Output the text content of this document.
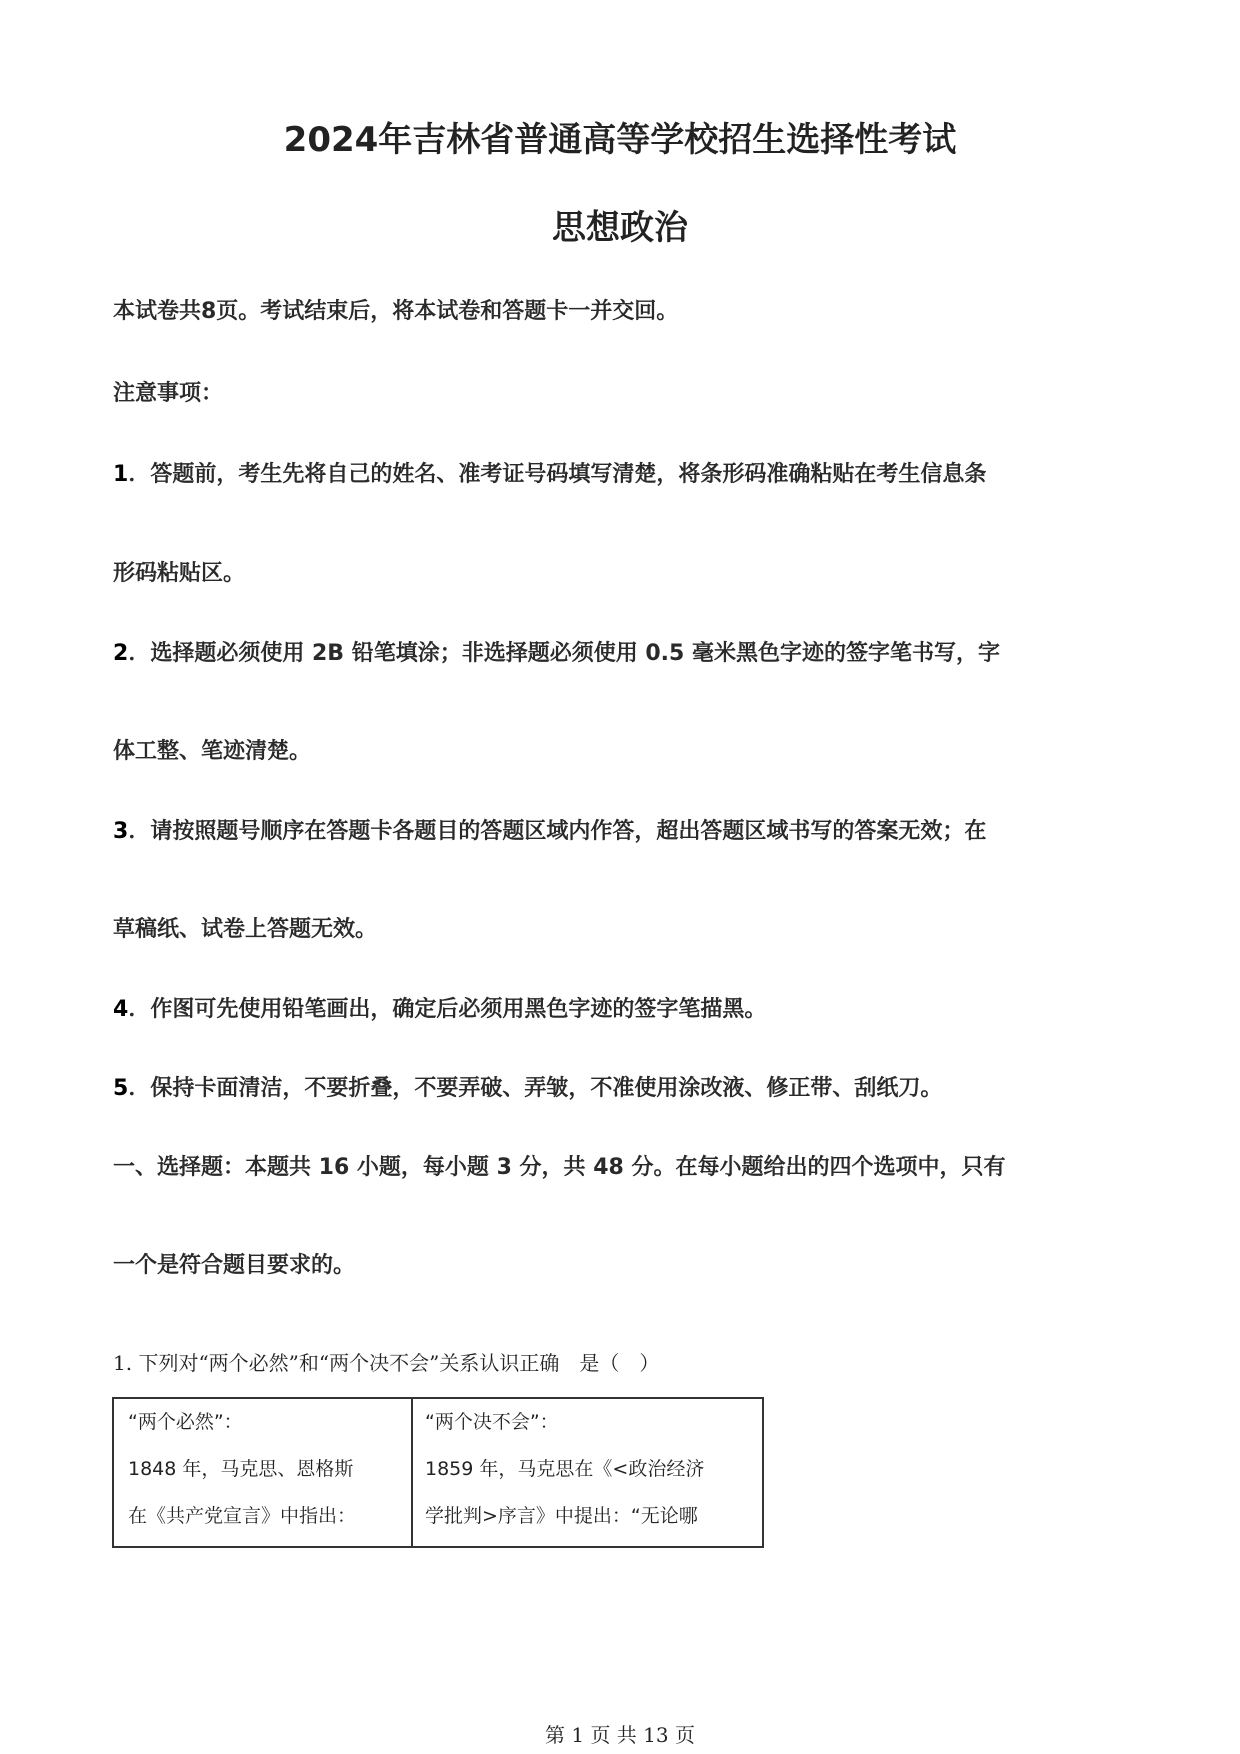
2024年吉林省普通高等学校招生选择性考试
思想政治
本试卷共8页。考试结束后，将本试卷和答题卡一并交回。
注意事项：
1．答题前，考生先将自己的姓名、准考证号码填写清楚，将条形码准确粘贴在考生信息条
形码粘贴区。
2．选择题必须使用 2B 铅笔填涂；非选择题必须使用 0.5 毫米黑色字迹的签字笔书写，字
体工整、笔迹清楚。
3．请按照题号顺序在答题卡各题目的答题区域内作答，超出答题区域书写的答案无效；在
草稿纸、试卷上答题无效。
4．作图可先使用铅笔画出，确定后必须用黑色字迹的签字笔描黑。
5．保持卡面清洁，不要折叠，不要弄破、弄皱，不准使用涂改液、修正带、刮纸刀。
一、选择题：本题共 16 小题，每小题 3 分，共 48 分。在每小题给出的四个选项中，只有
一个是符合题目要求的。
1. 下列对“两个必然”和“两个决不会”关系认识正确　是（　）
“两个必然”：
1848 年，马克思、恩格斯
在《共产党宣言》中指出：
“两个决不会”：
1859 年，马克思在《<政治经济
学批判>序言》中提出：“无论哪
第 1 页 共 13 页
